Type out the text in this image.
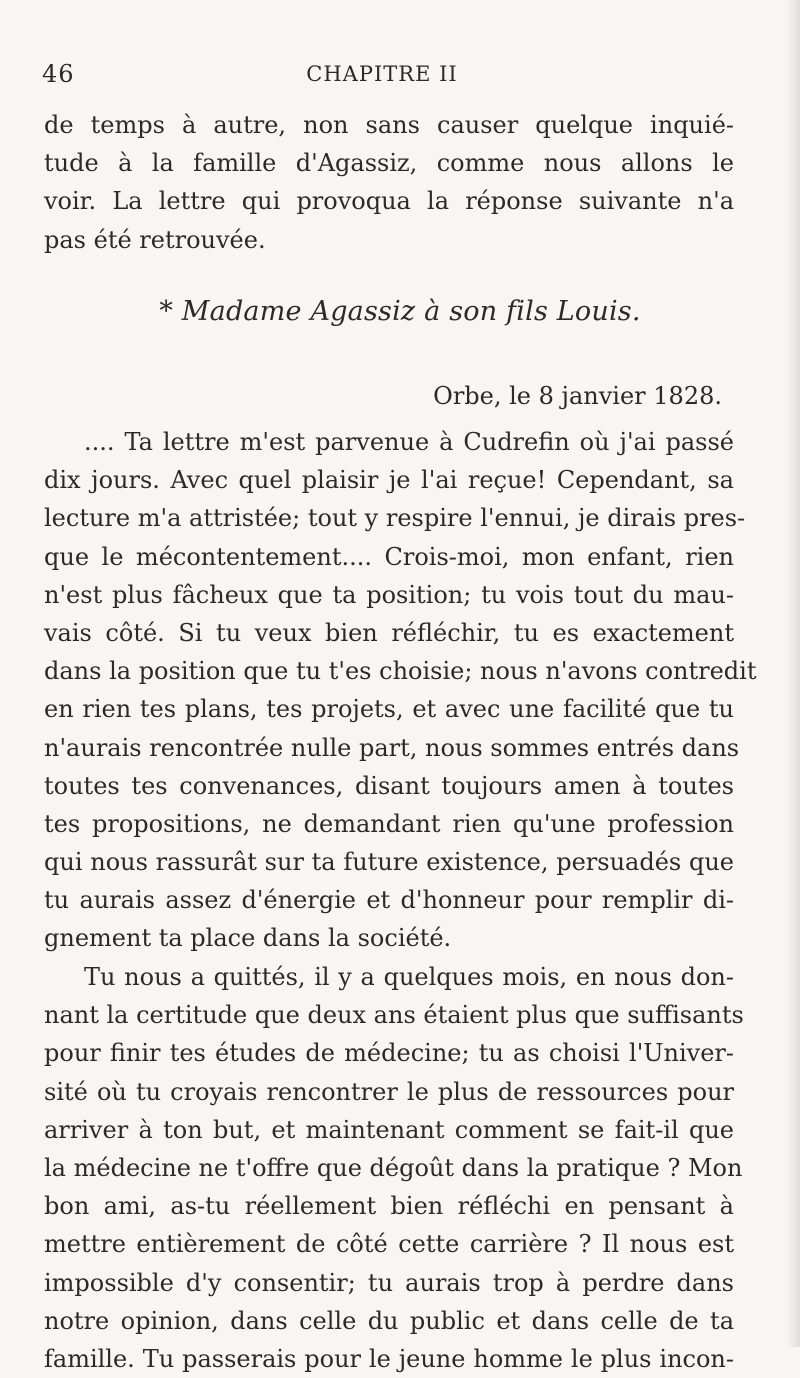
46	CHAPITRE II
de temps à autre, non sans causer quelque inquié-
tude à la famille d'Agassiz, comme nous allons le
voir. La lettre qui provoqua la réponse suivante n'a
pas été retrouvée.
* Madame Agassiz à son fils Louis.
Orbe, le 8 janvier 1828.
.... Ta lettre m'est parvenue à Cudrefin où j'ai passé
dix jours. Avec quel plaisir je l'ai reçue! Cependant, sa
lecture m'a attristée; tout y respire l'ennui, je dirais pres-
que le mécontentement.... Crois-moi, mon enfant, rien
n'est plus fâcheux que ta position; tu vois tout du mau-
vais côté. Si tu veux bien réfléchir, tu es exactement
dans la position que tu t'es choisie; nous n'avons contredit
en rien tes plans, tes projets, et avec une facilité que tu
n'aurais rencontrée nulle part, nous sommes entrés dans
toutes tes convenances, disant toujours amen à toutes
tes propositions, ne demandant rien qu'une profession
qui nous rassurât sur ta future existence, persuadés que
tu aurais assez d'énergie et d'honneur pour remplir di-
gnement ta place dans la société.
Tu nous a quittés, il y a quelques mois, en nous don-
nant la certitude que deux ans étaient plus que suffisants
pour finir tes études de médecine; tu as choisi l'Univer-
sité où tu croyais rencontrer le plus de ressources pour
arriver à ton but, et maintenant comment se fait-il que
la médecine ne t'offre que dégoût dans la pratique ? Mon
bon ami, as-tu réellement bien réfléchi en pensant à
mettre entièrement de côté cette carrière ? Il nous est
impossible d'y consentir; tu aurais trop à perdre dans
notre opinion, dans celle du public et dans celle de ta
famille. Tu passerais pour le jeune homme le plus incon-
